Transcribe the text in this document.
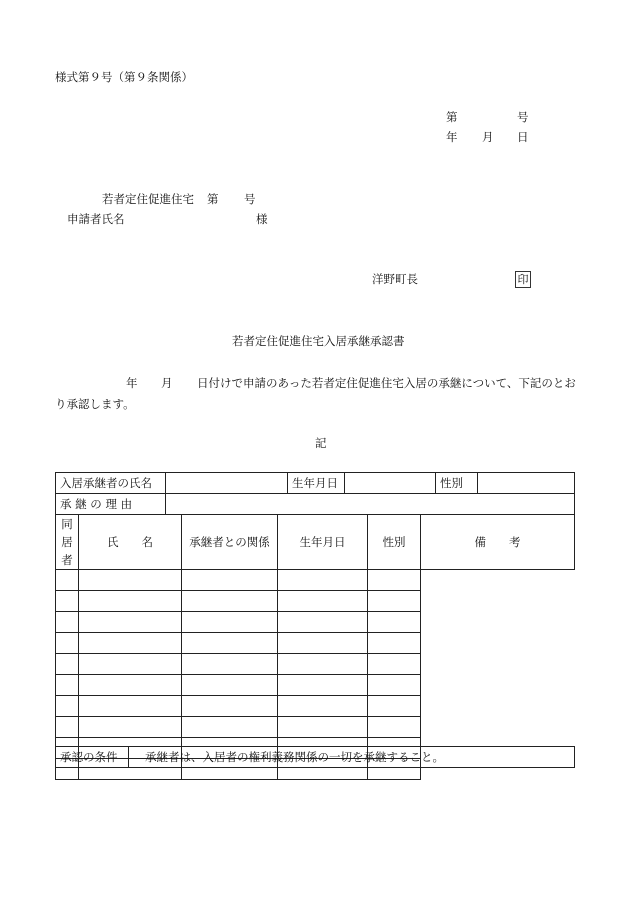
様式第９号（第９条関係）
第	号
年 月 日
若者定住促進住宅 第 号
申請者氏名	様
洋野町長	印
若者定住促進住宅入居承継承認書
年 月 日付けで申請のあった若者定住促進住宅入居の承継について、下記のとお
り承認します。
記
入居承継者の氏名		生年月日		性別	
承 継 の 理 由					
同居者	氏　　名	承継者との関係	生年月日	性別	備　　考

承認の条件	承継者は、入居者の権利義務関係の一切を承継すること。
